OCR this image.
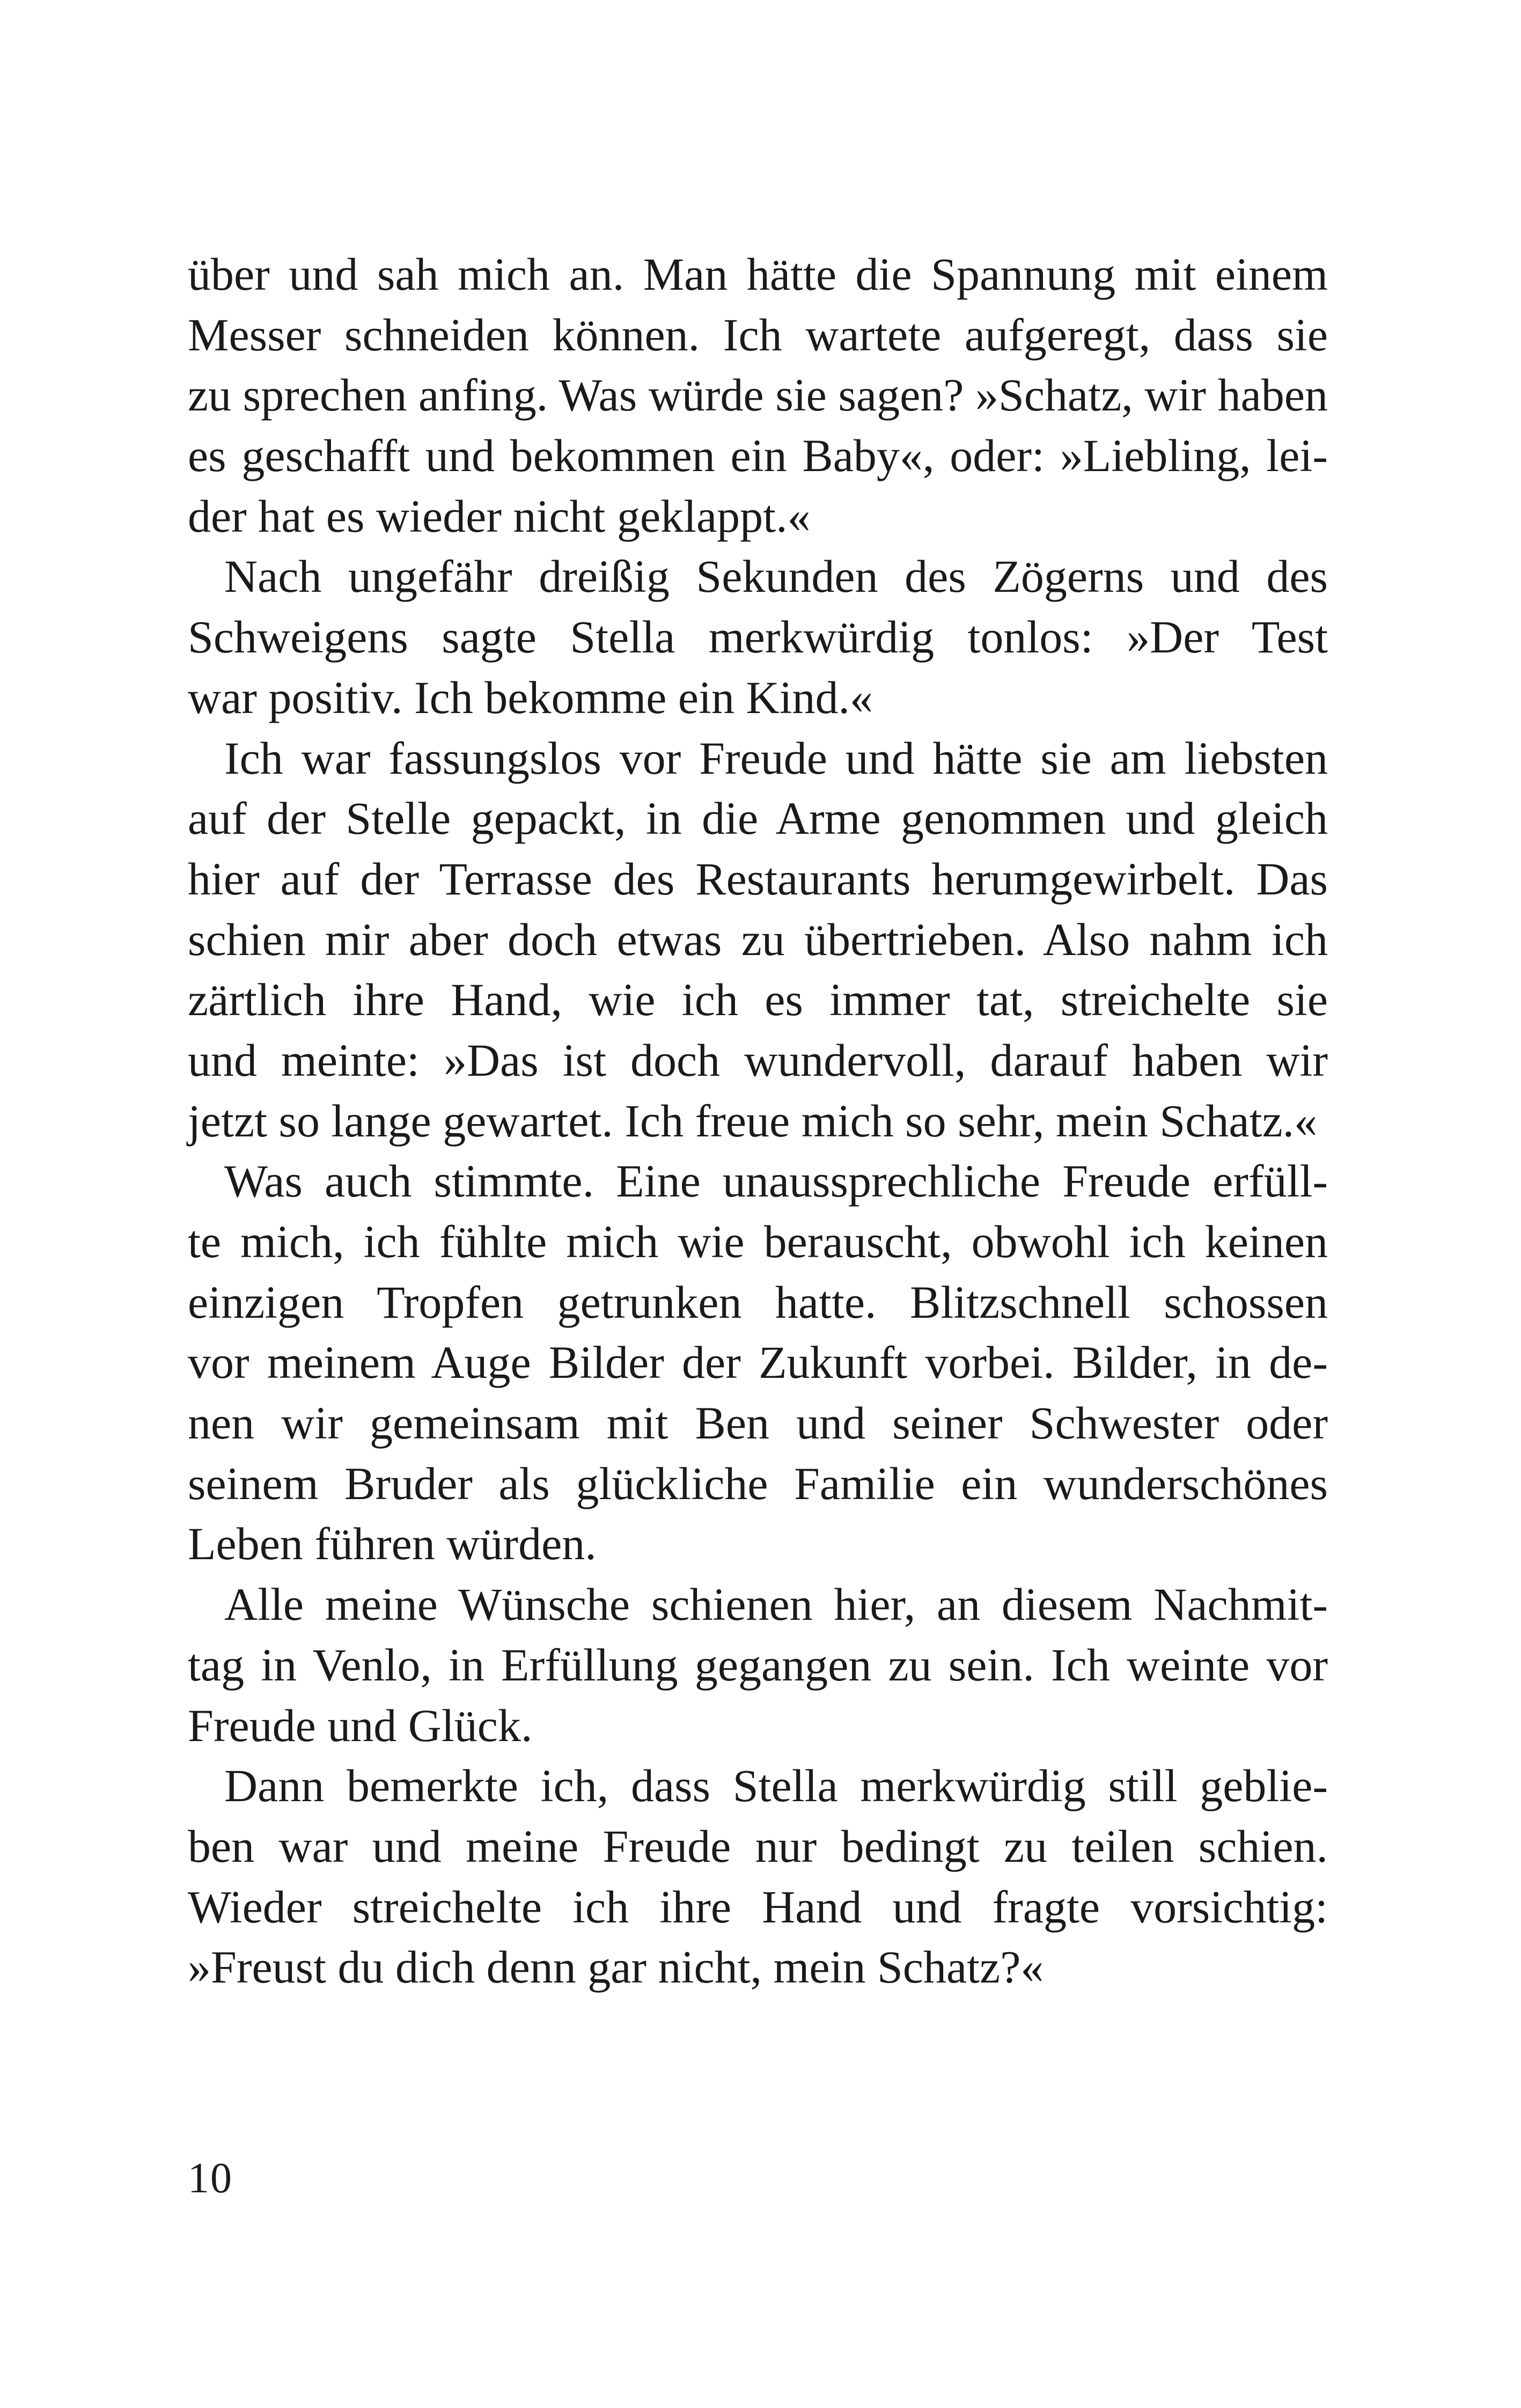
über und sah mich an. Man hätte die Spannung mit einem
Messer schneiden können. Ich wartete aufgeregt, dass sie
zu sprechen anfing. Was würde sie sagen? »Schatz, wir haben
es geschafft und bekommen ein Baby«, oder: »Liebling, lei-
der hat es wieder nicht geklappt.«
Nach ungefähr dreißig Sekunden des Zögerns und des
Schweigens sagte Stella merkwürdig tonlos: »Der Test
war positiv. Ich bekomme ein Kind.«
Ich war fassungslos vor Freude und hätte sie am liebsten
auf der Stelle gepackt, in die Arme genommen und gleich
hier auf der Terrasse des Restaurants herumgewirbelt. Das
schien mir aber doch etwas zu übertrieben. Also nahm ich
zärtlich ihre Hand, wie ich es immer tat, streichelte sie
und meinte: »Das ist doch wundervoll, darauf haben wir
jetzt so lange gewartet. Ich freue mich so sehr, mein Schatz.«
Was auch stimmte. Eine unaussprechliche Freude erfüll-
te mich, ich fühlte mich wie berauscht, obwohl ich keinen
einzigen Tropfen getrunken hatte. Blitzschnell schossen
vor meinem Auge Bilder der Zukunft vorbei. Bilder, in de-
nen wir gemeinsam mit Ben und seiner Schwester oder
seinem Bruder als glückliche Familie ein wunderschönes
Leben führen würden.
Alle meine Wünsche schienen hier, an diesem Nachmit-
tag in Venlo, in Erfüllung gegangen zu sein. Ich weinte vor
Freude und Glück.
Dann bemerkte ich, dass Stella merkwürdig still geblie-
ben war und meine Freude nur bedingt zu teilen schien.
Wieder streichelte ich ihre Hand und fragte vorsichtig:
»Freust du dich denn gar nicht, mein Schatz?«
10
